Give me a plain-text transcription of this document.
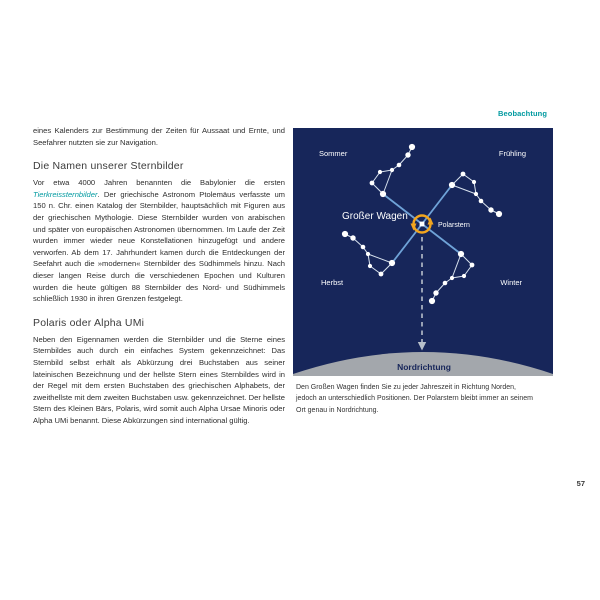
Beobachtung

eines Kalenders zur Bestimmung der Zeiten für Aussaat und Ernte, und Seefahrer nutzten sie zur Navigation.

Die Namen unserer Sternbilder

Vor etwa 4000 Jahren benannten die Babylonier die ersten Tierkreissternbilder. Der griechische Astronom Ptolemäus verfasste um 150 n. Chr. einen Katalog der Sternbilder, hauptsächlich mit Figuren aus der griechischen Mythologie. Diese Sternbilder wurden von arabischen und später von europäischen Astronomen übernommen. Im Laufe der Zeit wurden immer wieder neue Konstellationen hinzugefügt und andere verworfen. Ab dem 17. Jahrhundert kamen durch die Entdeckungen der Seefahrt auch die »modernen« Sternbilder des Südhimmels hinzu. Nach dieser langen Reise durch die verschiedenen Epochen und Kulturen wurden die heute gültigen 88 Sternbilder des Nord- und Südhimmels schließlich 1930 in ihren Grenzen festgelegt.

Polaris oder Alpha UMi

Neben den Eigennamen werden die Sternbilder und die Sterne eines Sternbildes auch durch ein einfaches System gekennzeichnet: Das Sternbild selbst erhält als Abkürzung drei Buchstaben aus seiner lateinischen Bezeichnung und der hellste Stern eines Sternbildes wird in der Regel mit dem ersten Buchstaben des griechischen Alphabets, der zweithellste mit dem zweiten Buchstaben usw. gekennzeichnet. Der hellste Stern des Kleinen Bärs, Polaris, wird somit auch Alpha Ursae Minoris oder Alpha UMi benannt. Diese Abkürzungen sind international gültig.

Sommer	Frühling
Herbst	Winter
Großer Wagen
Polarstern
Nordrichtung
Den Großen Wagen finden Sie zu jeder Jahreszeit in Richtung Norden, jedoch an unterschiedlich Positionen. Der Polarstern bleibt immer an seinem Ort genau in Nordrichtung.
57
